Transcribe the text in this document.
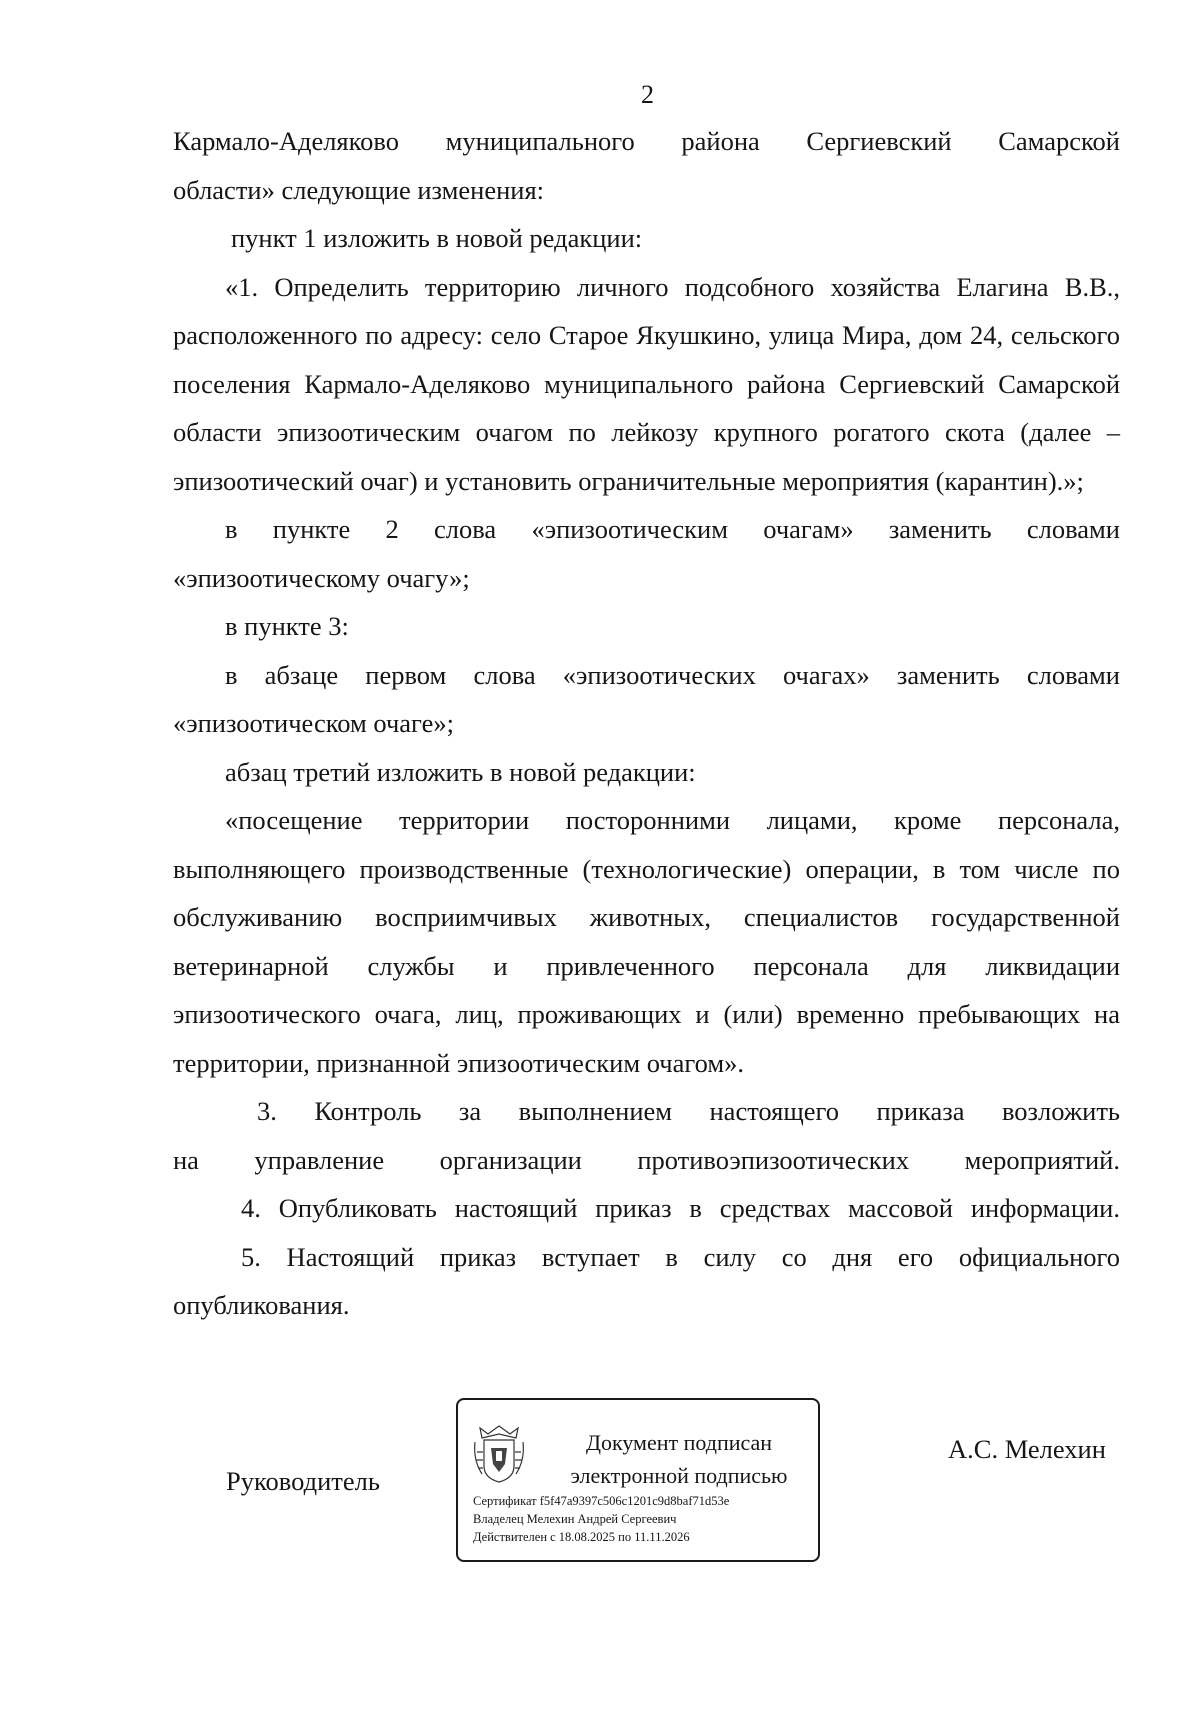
2

Кармало-Аделяково муниципального района Сергиевский Самарской

области» следующие изменения:

пункт 1 изложить в новой редакции:

«1. Определить территорию личного подсобного хозяйства Елагина В.В., расположенного по адресу: село Старое Якушкино, улица Мира, дом 24, сельского поселения Кармало-Аделяково муниципального района Сергиевский Самарской области эпизоотическим очагом по лейкозу крупного рогатого скота (далее – эпизоотический очаг) и установить ограничительные мероприятия (карантин).»;

в пункте 2 слова «эпизоотическим очагам» заменить словами «эпизоотическому очагу»;

в пункте 3:

в абзаце первом слова «эпизоотических очагах» заменить словами «эпизоотическом очаге»;

абзац третий изложить в новой редакции:

«посещение территории посторонними лицами, кроме персонала, выполняющего производственные (технологические) операции, в том числе по обслуживанию восприимчивых животных, специалистов государственной ветеринарной службы и привлеченного персонала для ликвидации эпизоотического очага, лиц, проживающих и (или) временно пребывающих на территории, признанной эпизоотическим очагом».

3. Контроль за выполнением настоящего приказа возложить

на управление организации противоэпизоотических мероприятий.

4. Опубликовать настоящий приказ в средствах массовой информации.

5. Настоящий приказ вступает в силу со дня его официального опубликования.

Руководитель
Документ подписан
электронной подписью
Сертификат f5f47a9397c506c1201c9d8baf71d53e
Владелец Мелехин Андрей Сергеевич
Действителен с 18.08.2025 по 11.11.2026
А.С. Мелехин
